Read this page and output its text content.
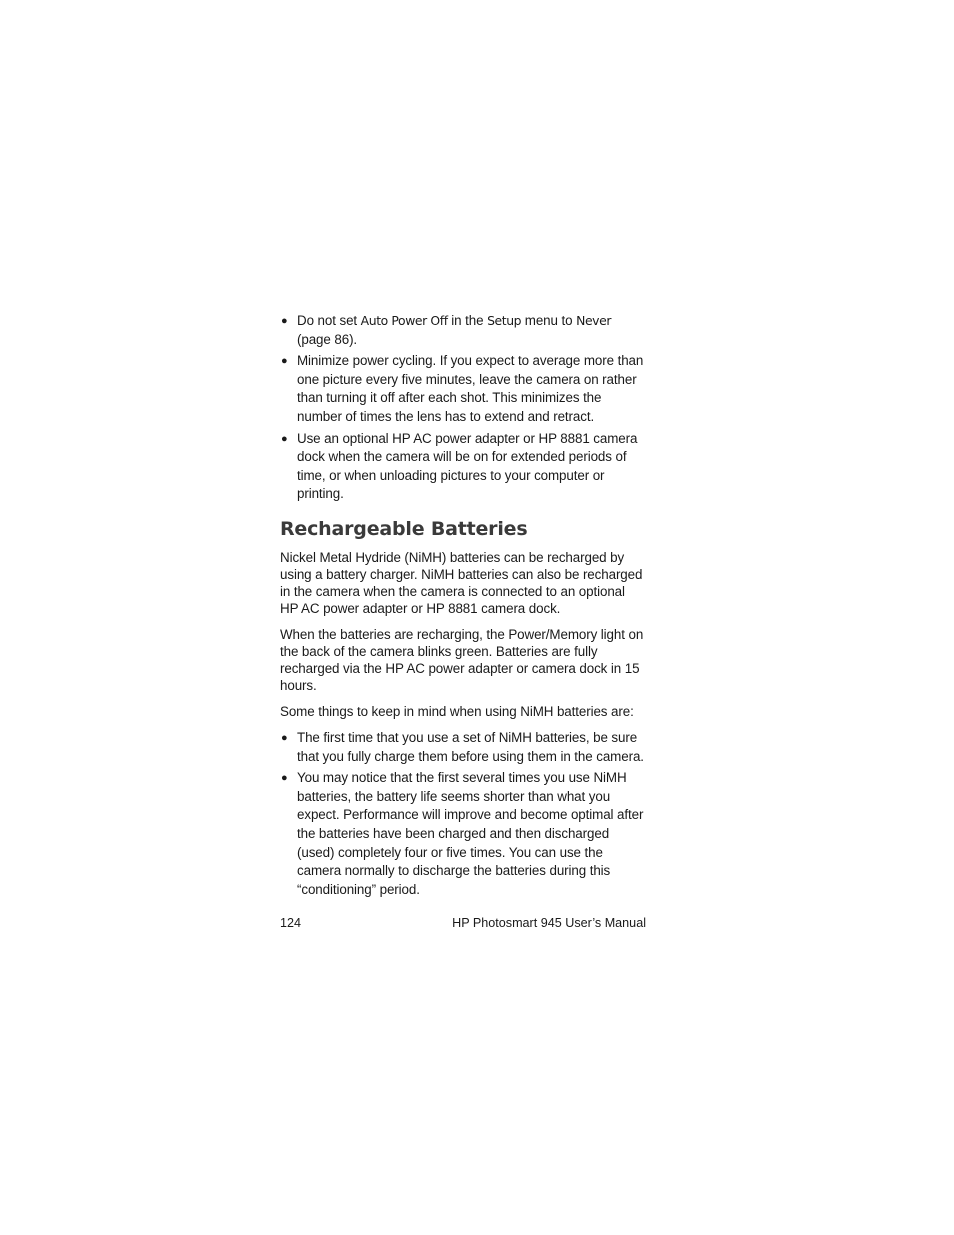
● Do not set Auto Power Off in the Setup menu to Never (page 86).
● Minimize power cycling. If you expect to average more than one picture every five minutes, leave the camera on rather than turning it off after each shot. This minimizes the number of times the lens has to extend and retract.
● Use an optional HP AC power adapter or HP 8881 camera dock when the camera will be on for extended periods of time, or when unloading pictures to your computer or printing.
Rechargeable Batteries

Nickel Metal Hydride (NiMH) batteries can be recharged by using a battery charger. NiMH batteries can also be recharged in the camera when the camera is connected to an optional HP AC power adapter or HP 8881 camera dock.

When the batteries are recharging, the Power/Memory light on the back of the camera blinks green. Batteries are fully recharged via the HP AC power adapter or camera dock in 15 hours.

Some things to keep in mind when using NiMH batteries are:

● The first time that you use a set of NiMH batteries, be sure that you fully charge them before using them in the camera.
● You may notice that the first several times you use NiMH batteries, the battery life seems shorter than what you expect. Performance will improve and become optimal after the batteries have been charged and then discharged (used) completely four or five times. You can use the camera normally to discharge the batteries during this “conditioning” period.
124	HP Photosmart 945 User’s Manual
